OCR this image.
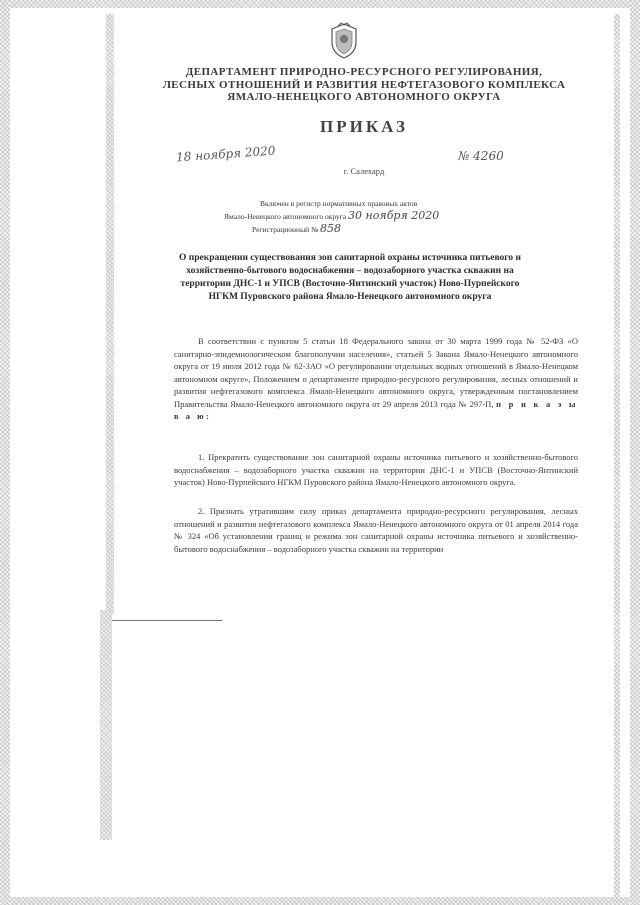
ДЕПАРТАМЕНТ ПРИРОДНО-РЕСУРСНОГО РЕГУЛИРОВАНИЯ,
ЛЕСНЫХ ОТНОШЕНИЙ И РАЗВИТИЯ НЕФТЕГАЗОВОГО КОМПЛЕКСА
ЯМАЛО-НЕНЕЦКОГО АВТОНОМНОГО ОКРУГА
ПРИКАЗ
18 ноября 2020	№ 4260
г. Салехард
Включен в регистр нормативных правовых актов
Ямало-Ненецкого автономного округа 30 ноября 2020
Регистрационный № 858
О прекращении существования зон санитарной охраны источника питьевого и хозяйственно-бытового водоснабжения – водозаборного участка скважин на территории ДНС-1 и УПСВ (Восточно-Янтинский участок) Ново-Пурпейского НГКМ Пуровского района Ямало-Ненецкого автономного округа
В соответствии с пунктом 5 статьи 18 Федерального закона от 30 марта 1999 года № 52-ФЗ «О санитарно-эпидемиологическом благополучии населения», статьей 5 Закона Ямало-Ненецкого автономного округа от 19 июля 2012 года № 62-ЗАО «О регулировании отдельных водных отношений в Ямало-Ненецком автономном округе», Положением о департаменте природно-ресурсного регулирования, лесных отношений и развития нефтегазового комплекса Ямало-Ненецкого автономного округа, утвержденным постановлением Правительства Ямало-Ненецкого автономного округа от 29 апреля 2013 года № 297-П, п р и к а з ы в а ю:
1. Прекратить существование зон санитарной охраны источника питьевого и хозяйственно-бытового водоснабжения – водозаборного участка скважин на территории ДНС-1 и УПСВ (Восточно-Янтинский участок) Ново-Пурпейского НГКМ Пуровского района Ямало-Ненецкого автономного округа.
2. Признать утратившим силу приказ департамента природно-ресурсного регулирования, лесных отношений и развития нефтегазового комплекса Ямало-Ненецкого автономного округа от 01 апреля 2014 года № 324 «Об установлении границ и режима зон санитарной охраны источника питьевого и хозяйственно-бытового водоснабжения – водозаборного участка скважин на территории
